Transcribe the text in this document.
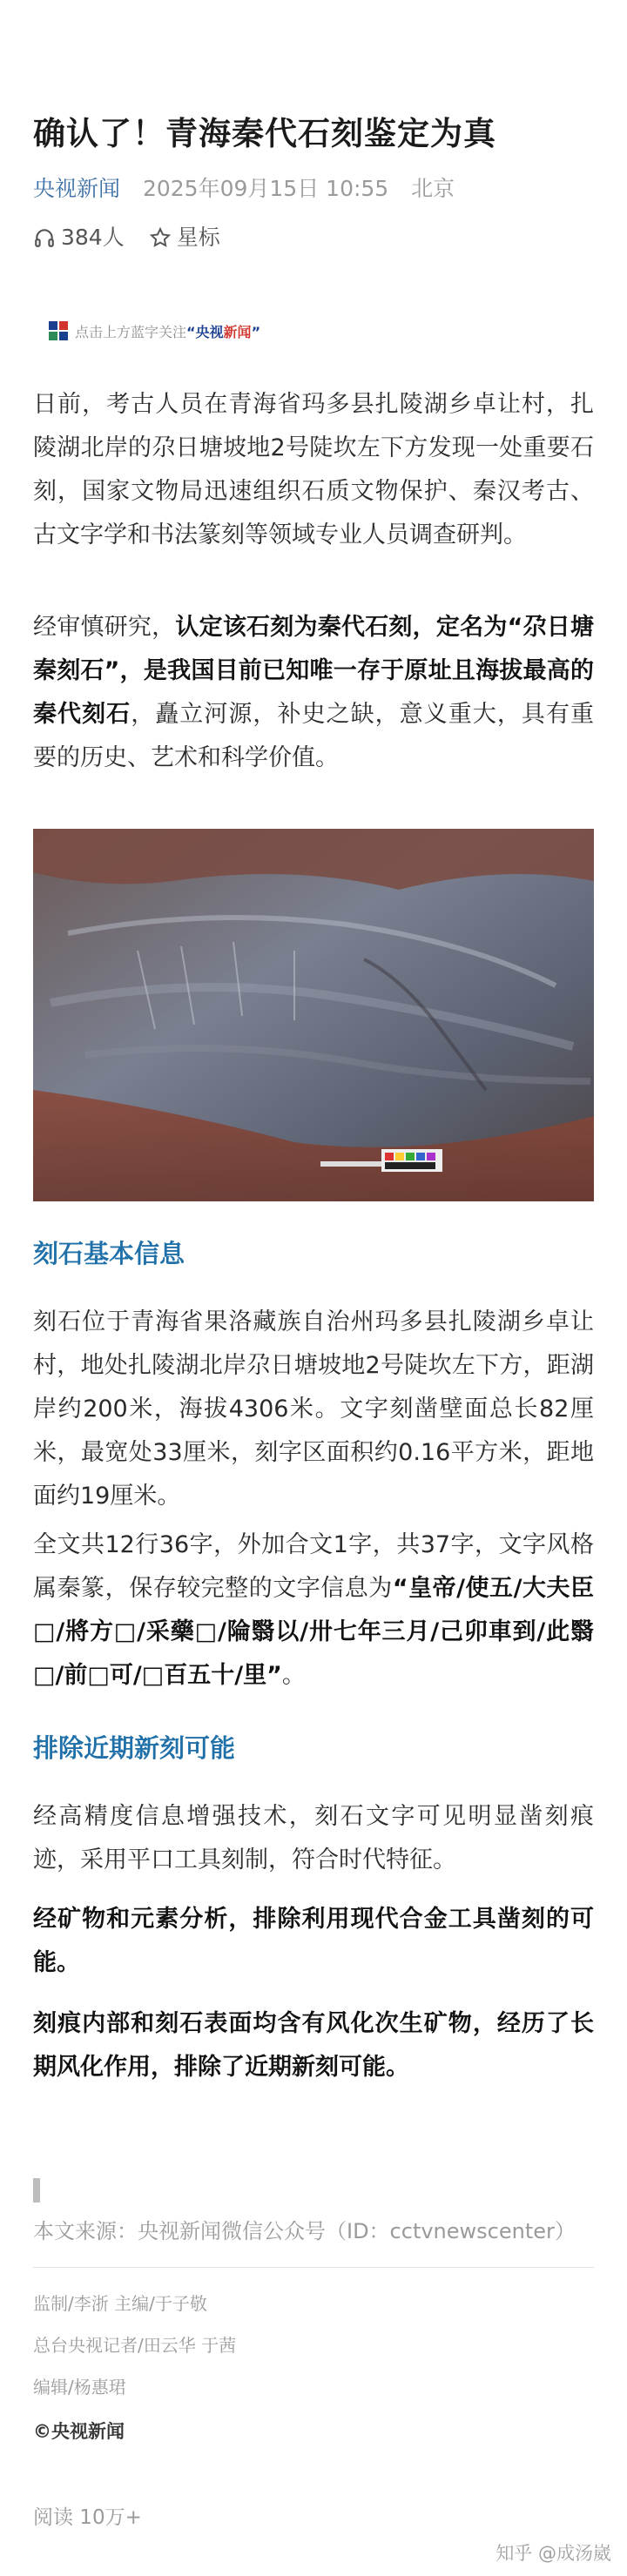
确认了！青海秦代石刻鉴定为真
央视新闻 2025年09月15日 10:55 北京
384人 星标
点击上方蓝字关注 “央视新闻”
日前，考古人员在青海省玛多县扎陵湖乡卓让村，扎陵湖北岸的尕日塘坡地2号陡坎左下方发现一处重要石刻，国家文物局迅速组织石质文物保护、秦汉考古、古文字学和书法篆刻等领域专业人员调查研判。
经审慎研究，认定该石刻为秦代石刻，定名为“尕日塘秦刻石”，是我国目前已知唯一存于原址且海拔最高的秦代刻石，矗立河源，补史之缺，意义重大，具有重要的历史、艺术和科学价值。
刻石基本信息
刻石位于青海省果洛藏族自治州玛多县扎陵湖乡卓让村，地处扎陵湖北岸尕日塘坡地2号陡坎左下方，距湖岸约200米，海拔4306米。文字刻凿壁面总长82厘米，最宽处33厘米，刻字区面积约0.16平方米，距地面约19厘米。
全文共12行36字，外加合文1字，共37字，文字风格属秦篆，保存较完整的文字信息为“皇帝/使五/大夫臣□/將方□/采藥□/陯翳以/卅七年三月/己卯車到/此翳□/前□可/□百五十/里”。
排除近期新刻可能
经高精度信息增强技术，刻石文字可见明显凿刻痕迹，采用平口工具刻制，符合时代特征。
经矿物和元素分析，排除利用现代合金工具凿刻的可能。
刻痕内部和刻石表面均含有风化次生矿物，经历了长期风化作用，排除了近期新刻可能。
本文来源：央视新闻微信公众号（ID：cctvnewscenter）
监制/李浙 主编/于子敬
总台央视记者/田云华 于茜
编辑/杨惠珺
©央视新闻
阅读 10万+
知乎 @成汤崴
